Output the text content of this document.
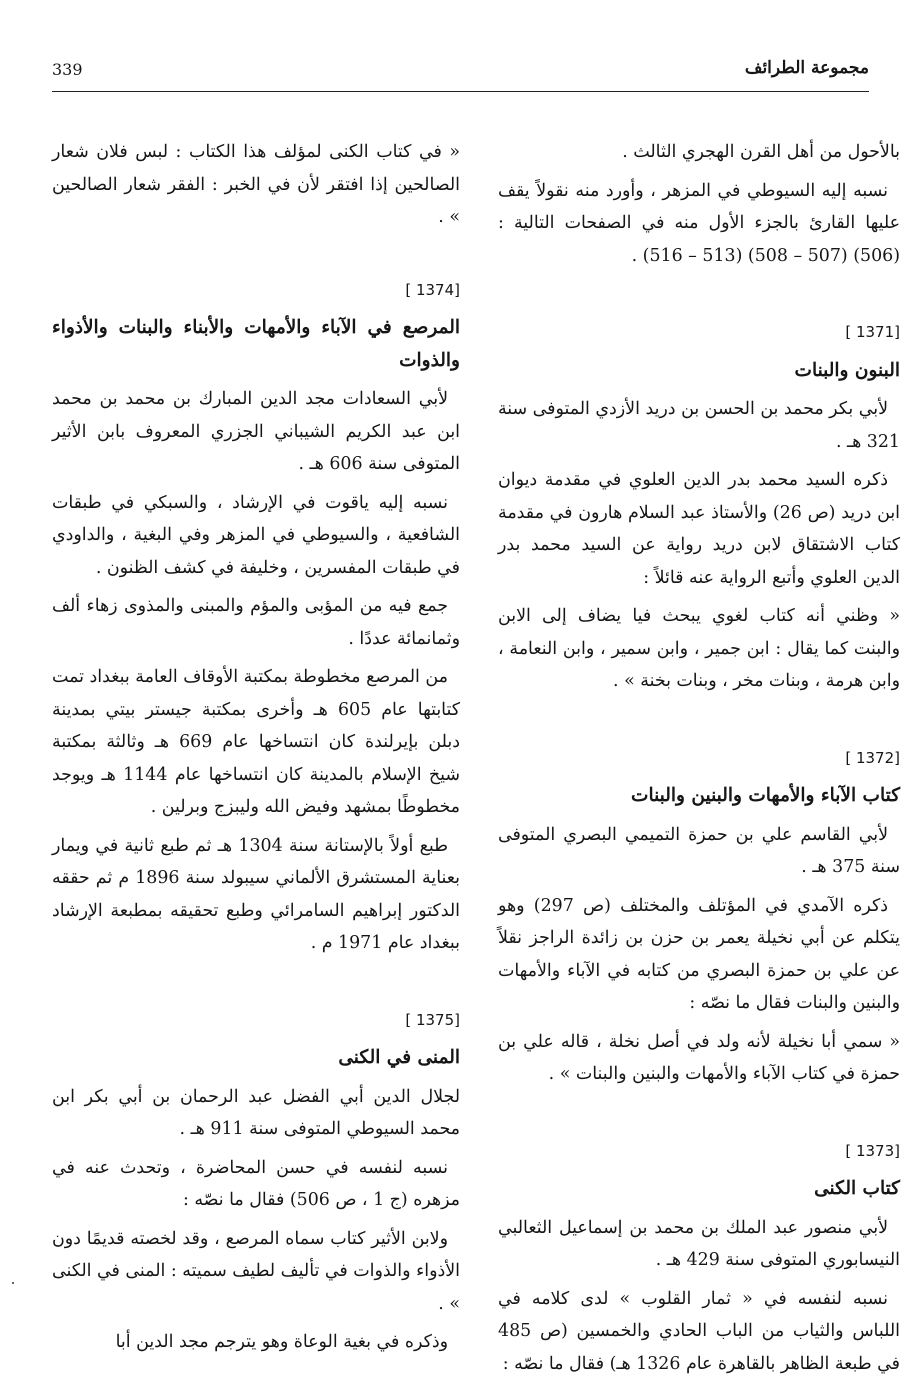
مجموعة الطرائف
339

بالأحول من أهل القرن الهجري الثالث .

نسبه إليه السيوطي في المزهر ، وأورد منه نقولاً يقف عليها القارئ بالجزء الأول منه في الصفحات التالية : (506) (507 – 508) (513 – 516) .

[1371 ]

البنون والبنات

لأبي بكر محمد بن الحسن بن دريد الأزدي المتوفى سنة 321 هـ .

ذكره السيد محمد بدر الدين العلوي في مقدمة ديوان ابن دريد (ص 26) والأستاذ عبد السلام هارون في مقدمة كتاب الاشتقاق لابن دريد رواية عن السيد محمد بدر الدين العلوي وأتبع الرواية عنه قائلاً :

« وظني أنه كتاب لغوي يبحث فيا يضاف إلى الابن والبنت كما يقال : ابن جمير ، وابن سمير ، وابن النعامة ، وابن هرمة ، وبنات مخر ، وبنات بخنة » .

[1372 ]

كتاب الآباء والأمهات والبنين والبنات

لأبي القاسم علي بن حمزة التميمي البصري المتوفى سنة 375 هـ .

ذكره الآمدي في المؤتلف والمختلف (ص 297) وهو يتكلم عن أبي نخيلة يعمر بن حزن بن زائدة الراجز نقلاً عن علي بن حمزة البصري من كتابه في الآباء والأمهات والبنين والبنات فقال ما نصّه :

« سمي أبا نخيلة لأنه ولد في أصل نخلة ، قاله علي بن حمزة في كتاب الآباء والأمهات والبنين والبنات » .

[1373 ]

كتاب الكنى

لأبي منصور عبد الملك بن محمد بن إسماعيل الثعالبي النيسابوري المتوفى سنة 429 هـ .

نسبه لنفسه في « ثمار القلوب » لدى كلامه في اللباس والثياب من الباب الحادي والخمسين (ص 485 في طبعة الظاهر بالقاهرة عام 1326 هـ) فقال ما نصّه :

« في كتاب الكنى لمؤلف هذا الكتاب : لبس فلان شعار الصالحين إذا افتقر لأن في الخبر : الفقر شعار الصالحين » .

[1374 ]

المرصع في الآباء والأمهات والأبناء والبنات والأذواء والذوات

لأبي السعادات مجد الدين المبارك بن محمد بن محمد ابن عبد الكريم الشيباني الجزري المعروف بابن الأثير المتوفى سنة 606 هـ .

نسبه إليه ياقوت في الإرشاد ، والسبكي في طبقات الشافعية ، والسيوطي في المزهر وفي البغية ، والداودي في طبقات المفسرين ، وخليفة في كشف الظنون .

جمع فيه من المؤبى والمؤم والمبنى والمذوى زهاء ألف وثمانمائة عددًا .

من المرصع مخطوطة بمكتبة الأوقاف العامة ببغداد تمت كتابتها عام 605 هـ وأخرى بمكتبة جيستر بيتي بمدينة دبلن بإيرلندة كان انتساخها عام 669 هـ وثالثة بمكتبة شيخ الإسلام بالمدينة كان انتساخها عام 1144 هـ ويوجد مخطوطًا بمشهد وفيض الله وليبزج وبرلين .

طبع أولاً بالإستانة سنة 1304 هـ ثم طبع ثانية في ويمار بعناية المستشرق الألماني سيبولد سنة 1896 م ثم حققه الدكتور إبراهيم السامرائي وطبع تحقيقه بمطبعة الإرشاد ببغداد عام 1971 م .

[1375 ]

المنى في الكنى

لجلال الدين أبي الفضل عبد الرحمان بن أبي بكر ابن محمد السيوطي المتوفى سنة 911 هـ .

نسبه لنفسه في حسن المحاضرة ، وتحدث عنه في مزهره (ج 1 ، ص 506) فقال ما نصّه :

ولابن الأثير كتاب سماه المرصع ، وقد لخصته قديمًا دون الأذواء والذوات في تأليف لطيف سميته : المنى في الكنى » .

وذكره في بغية الوعاة وهو يترجم مجد الدين أبا
